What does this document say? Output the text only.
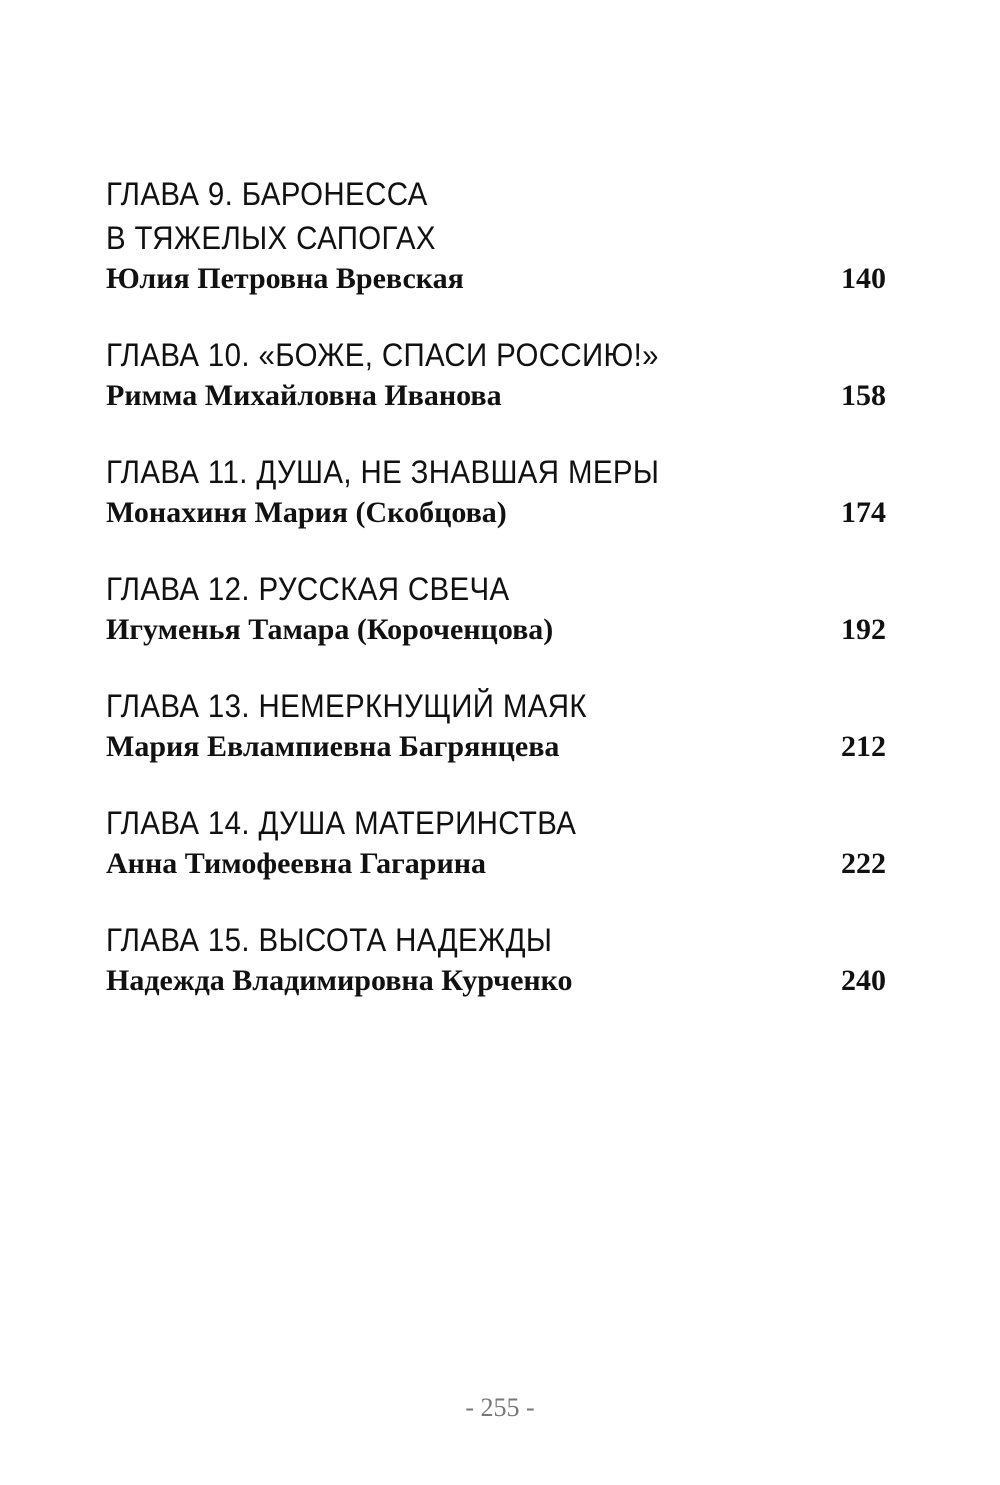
ГЛАВА 9. БАРОНЕССА
В ТЯЖЕЛЫХ САПОГАХ
Юлия Петровна Вревская	140
ГЛАВА 10. «БОЖЕ, СПАСИ РОССИЮ!»
Римма Михайловна Иванова	158
ГЛАВА 11. ДУША, НЕ ЗНАВШАЯ МЕРЫ
Монахиня Мария (Скобцова)	174
ГЛАВА 12. РУССКАЯ СВЕЧА
Игуменья Тамара (Короченцова)	192
ГЛАВА 13. НЕМЕРКНУЩИЙ МАЯК
Мария Евлампиевна Багрянцева	212
ГЛАВА 14. ДУША МАТЕРИНСТВА
Анна Тимофеевна Гагарина	222
ГЛАВА 15. ВЫСОТА НАДЕЖДЫ
Надежда Владимировна Курченко	240
- 255 -
